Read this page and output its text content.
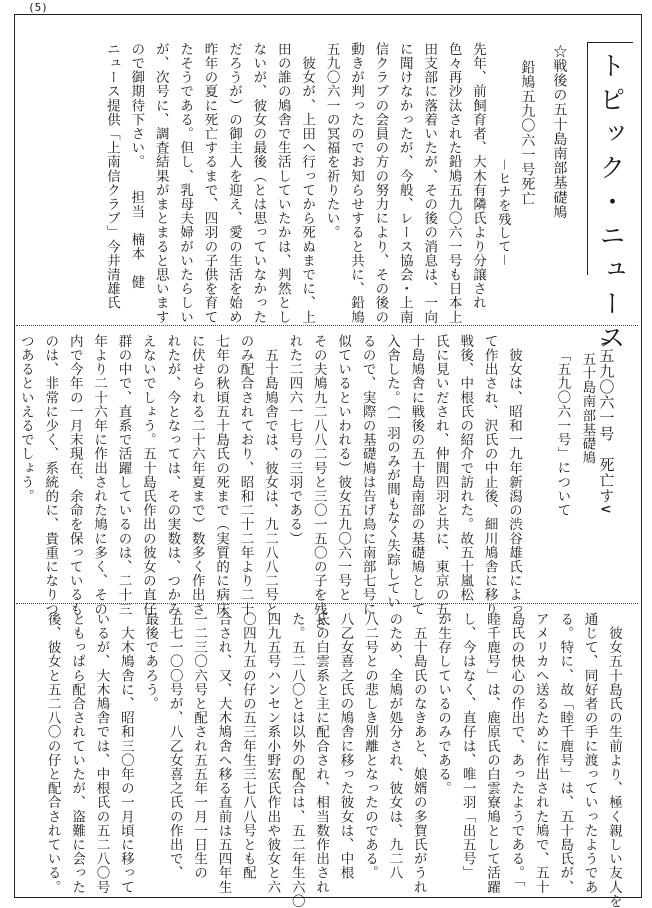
(5)
トピック・ニュース
☆戦後の五十島南部基礎鳩
鉛鳩五九〇六一号死亡
－ヒナを残して－

先年、前飼育者、大木有隣氏より分譲され

色々再沙汰された鉛鳩五九〇六一号も日本上

田支部に落着いたが、その後の消息は、一向

に聞けなかったが、今般、レース協会・上南

信クラブの会員の方の努力により、その後の

動きが判ったのでお知らせすると共に、鉛鳩

五九〇六一の冥福を祈りたい。

　彼女が、上田へ行ってから死ぬまでに、上

田の誰の鳩舎で生活していたかは、判然とし

ないが、彼女の最後（とは思っていなかった

だろうが）の御主人を迎え、愛の生活を始め

昨年の夏に死亡するまで、四羽の子供を育て

たそうである。但し、乳母夫婦がいたらしい

が、次号に、調査結果がまとまると思います

ので御期待下さい。　　担当　楠本　健

ニュース提供「上南信クラブ」今井清雄氏

∧五九〇六一号　死亡す∨
五十島南部基礎鳩
「五九〇六一号」について

　彼女は、昭和一九年新潟の渋谷雄氏によっ

て作出され、沢氏の中止後、細川鳩舎に移り

戦後、中根氏の紹介で訪れた。故五十嵐松

氏に見いだされ、仲間四羽と共に、東京の五

十島鳩舎に戦後の五十島南部の基礎鳩として

入舎した。（一羽のみが間もなく失踪してい

るので、実際の基礎鳩は告げ鳥に南部七号に

似ているといわれる）彼女五九〇六一号と

その夫鳩九二八八二号と三〇一五〇の子を残さ

れた二四六一七号の三羽である）

　五十島鳩舎では、彼女は、九二八八二号と

のみ配合されており、昭和二十二年より二十

七年の秋頃五十島氏の死まで（実質的に病床

に伏せられる二十六年夏まで）数多く作出さ

れたが、今となっては、その実数は、つかみ

えないでしょう。五十島氏作出の彼女の直仔

群の中で、直系で活躍しているのは、二十三

年より二十六年に作出された鳩に多く、その

内で今年の一月末現在、余命を保っているも

のは、非常に少く、系統的に、貴重になりつ

つあるといえるでしょう。

　彼女五十島氏の生前より、極く親しい友人を

通じて、同好者の手に渡っていったようであ

る。特に、故「睦千鹿号」は、五十島氏が、

アメリカへ送るために作出された鳩で、五十

島氏の快心の作出で、あったようである。「

睦千鹿号」は、鹿原氏の白雲寮鳩として活躍

し、今はなく、直仔は、唯一羽「出五号」

が生存しているのみである。

　五十島氏のなきあと、娘婿の多賀氏がうれ

のため、全鳩が処分され、彼女は、九二八

八二号との悲しき別離となったのである。

八乙女喜之氏の鳩舎に移った彼女は、中根

氏の白雲系と主に配合され、相当数作出され

た。五二八〇とは以外の配合は、五二年生六〇

四九五号ハンセン系小野宏氏作出や彼女と六

〇四九五の仔の五三年生三七八八号とも配

合され、又、大木鳩舎へ移る直前は五四年生

一二三〇六号と配され五五年一月一日生の

五七一〇〇号が、八乙女喜之氏の作出で、

最後であろう。

　大木鳩舎に、昭和三〇年の一月頃に移って

いるが、大木鳩舎では、中根氏の五二八〇号

ともっぱら配合されていたが、盗難に会った

後、彼女と五二八〇の仔と配合されている。
